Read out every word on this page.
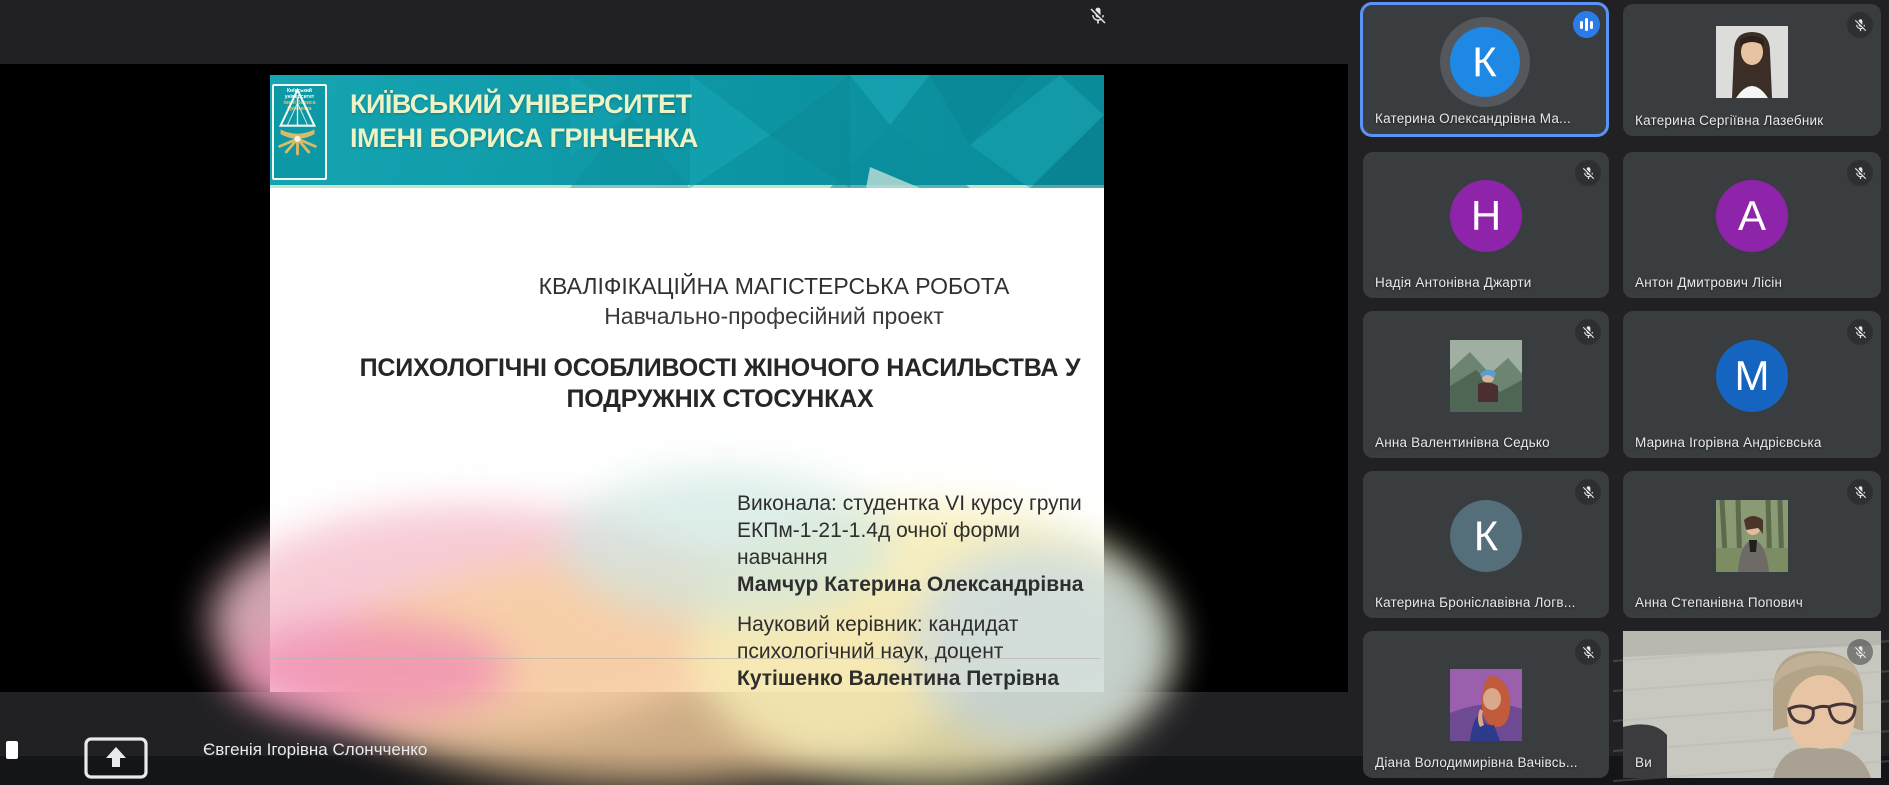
Київський університет
імені Бориса Грінченка	КИЇВСЬКИЙ УНІВЕРСИТЕТ
ІМЕНІ БОРИСА ГРІНЧЕНКА
КВАЛІФІКАЦІЙНА МАГІСТЕРСЬКА РОБОТА
Навчально-професійний проект
ПСИХОЛОГІЧНІ ОСОБЛИВОСТІ ЖІНОЧОГО НАСИЛЬСТВА У
ПОДРУЖНІХ СТОСУНКАХ
Виконала: студентка VI курсу групи
ЕКПм-1-21-1.4д очної форми
навчання
Мамчур Катерина Олександрівна
Науковий керівник: кандидат
психологічний наук, доцент
Кутішенко Валентина Петрівна
К
Катерина Олександрівна Ма...	Катерина Сергіївна Лазебник
Н
Надія Антонівна Джарти
А
Антон Дмитрович Лісін
Анна Валентинівна Седько
М
Марина Ігорівна Андрієвська
К
Катерина Броніславівна Логв...	Анна Степанівна Попович
Діана Володимирівна Вачівсь...	Ви
Євгенія Ігорівна Слончченко
